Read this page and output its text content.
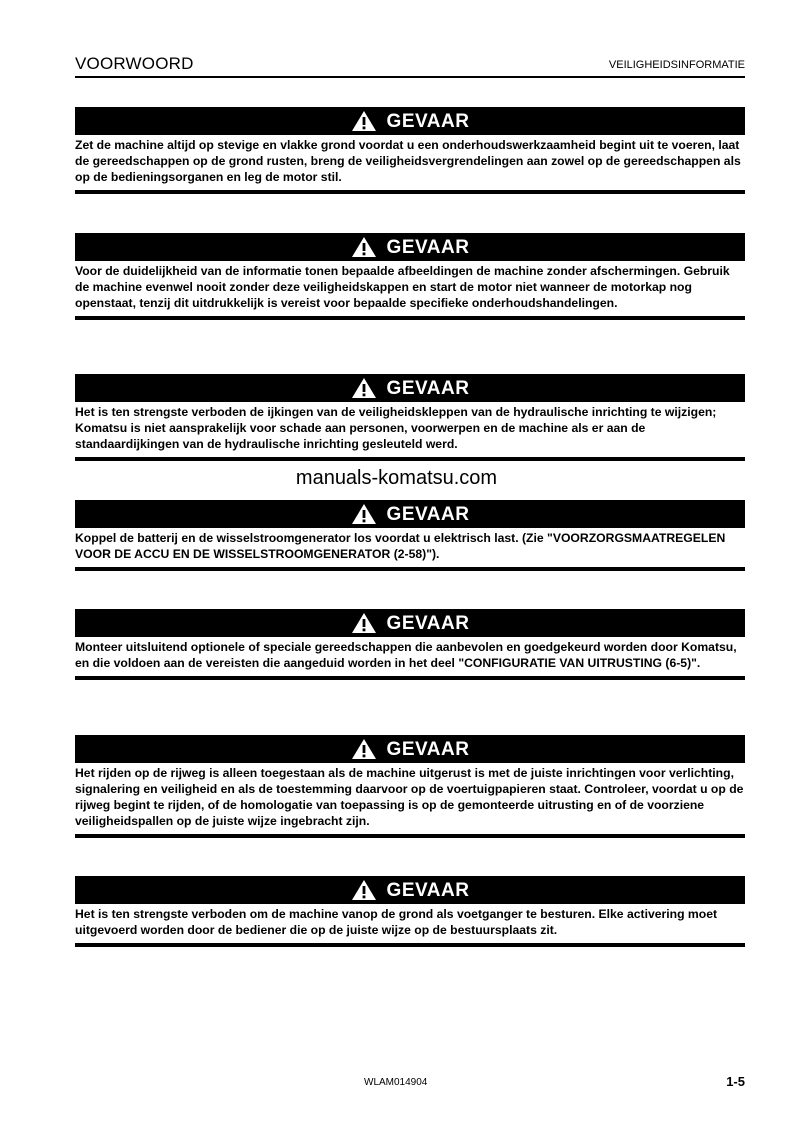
VOORWOORD	VEILIGHEIDSINFORMATIE
GEVAAR
Zet de machine altijd op stevige en vlakke grond voordat u een onderhoudswerkzaamheid begint uit te voeren, laat de gereedschappen op de grond rusten, breng de veiligheidsvergrendelingen aan zowel op de gereedschappen als op de bedieningsorganen en leg de motor stil.
GEVAAR
Voor de duidelijkheid van de informatie tonen bepaalde afbeeldingen de machine zonder afschermingen. Gebruik de machine evenwel nooit zonder deze veiligheidskappen en start de motor niet wanneer de motorkap nog openstaat, tenzij dit uitdrukkelijk is vereist voor bepaalde specifieke onderhoudshandelingen.
GEVAAR
Het is ten strengste verboden de ijkingen van de veiligheidskleppen van de hydraulische inrichting te wijzigen; Komatsu is niet aansprakelijk voor schade aan personen, voorwerpen en de machine als er aan de standaardijkingen van de hydraulische inrichting gesleuteld werd.
manuals-komatsu.com
GEVAAR
Koppel de batterij en de wisselstroomgenerator los voordat u elektrisch last. (Zie "VOORZORGSMAATREGELEN VOOR DE ACCU EN DE WISSELSTROOMGENERATOR (2-58)").
GEVAAR
Monteer uitsluitend optionele of speciale gereedschappen die aanbevolen en goedgekeurd worden door Komatsu, en die voldoen aan de vereisten die aangeduid worden in het deel "CONFIGURATIE VAN UITRUSTING (6-5)".
GEVAAR
Het rijden op de rijweg is alleen toegestaan als de machine uitgerust is met de juiste inrichtingen voor verlichting, signalering en veiligheid en als de toestemming daarvoor op de voertuigpapieren staat. Controleer, voordat u op de rijweg begint te rijden, of de homologatie van toepassing is op de gemonteerde uitrusting en of de voorziene veiligheidspallen op de juiste wijze ingebracht zijn.
GEVAAR
Het is ten strengste verboden om de machine vanop de grond als voetganger te besturen. Elke activering moet uitgevoerd worden door de bediener die op de juiste wijze op de bestuursplaats zit.
WLAM014904	1-5
